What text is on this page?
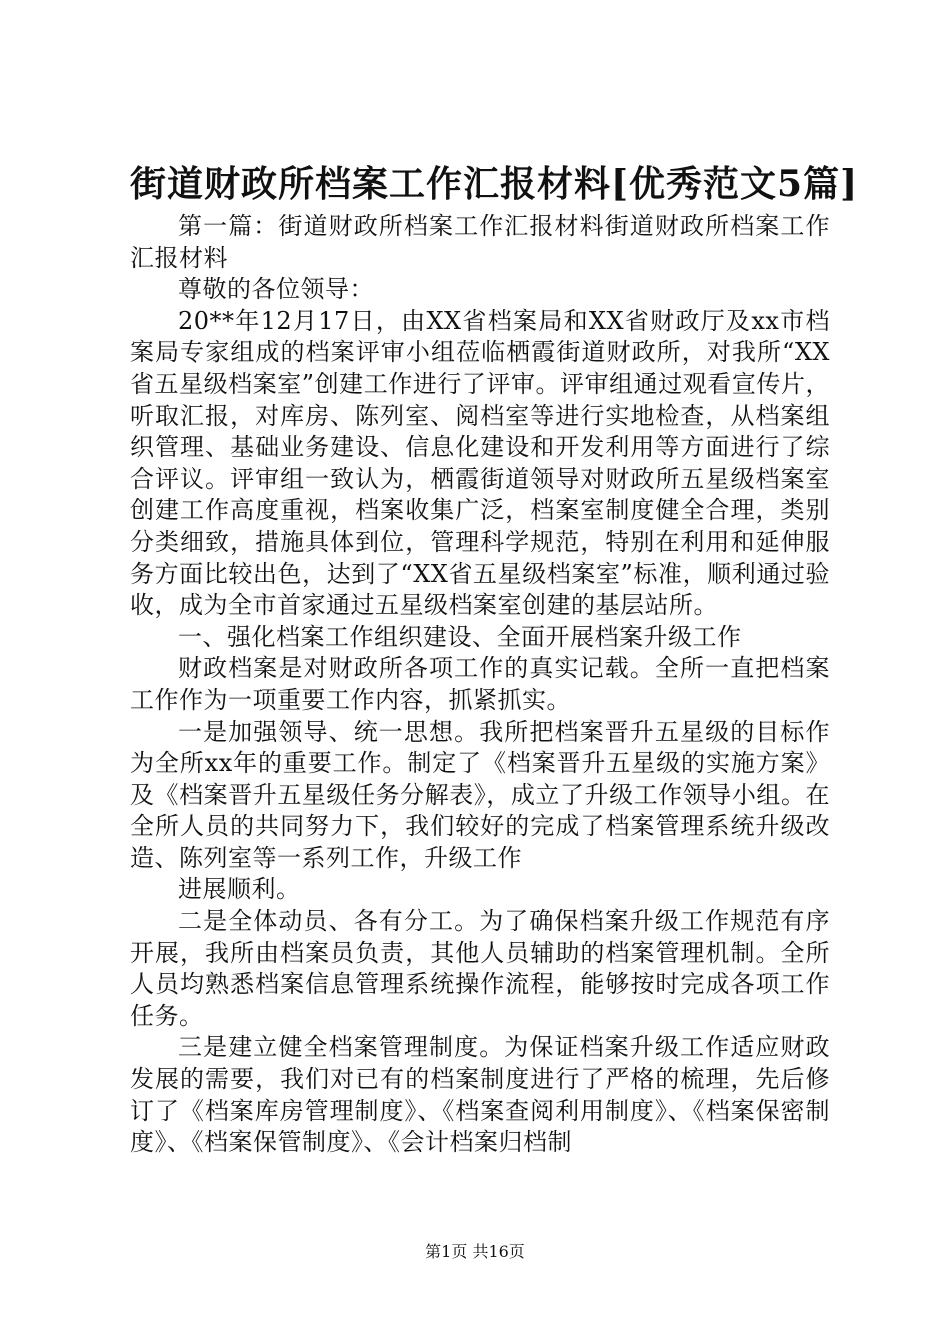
街道财政所档案工作汇报材料[优秀范文5篇]

第一篇：街道财政所档案工作汇报材料街道财政所档案工作汇报材料

尊敬的各位领导：

20**年12月17日，由XX省档案局和XX省财政厅及xx市档案局专家组成的档案评审小组莅临栖霞街道财政所，对我所“XX省五星级档案室”创建工作进行了评审。评审组通过观看宣传片，听取汇报，对库房、陈列室、阅档室等进行实地检查，从档案组织管理、基础业务建设、信息化建设和开发利用等方面进行了综合评议。评审组一致认为，栖霞街道领导对财政所五星级档案室创建工作高度重视，档案收集广泛，档案室制度健全合理，类别分类细致，措施具体到位，管理科学规范，特别在利用和延伸服务方面比较出色，达到了“XX省五星级档案室”标准，顺利通过验收，成为全市首家通过五星级档案室创建的基层站所。

一、强化档案工作组织建设、全面开展档案升级工作

财政档案是对财政所各项工作的真实记载。全所一直把档案工作作为一项重要工作内容，抓紧抓实。

一是加强领导、统一思想。我所把档案晋升五星级的目标作为全所xx年的重要工作。制定了《档案晋升五星级的实施方案》及《档案晋升五星级任务分解表》，成立了升级工作领导小组。在全所人员的共同努力下，我们较好的完成了档案管理系统升级改造、陈列室等一系列工作，升级工作

进展顺利。

二是全体动员、各有分工。为了确保档案升级工作规范有序开展，我所由档案员负责，其他人员辅助的档案管理机制。全所人员均熟悉档案信息管理系统操作流程，能够按时完成各项工作任务。

三是建立健全档案管理制度。为保证档案升级工作适应财政发展的需要，我们对已有的档案制度进行了严格的梳理，先后修订了《档案库房管理制度》、《档案查阅利用制度》、《档案保密制度》、《档案保管制度》、《会计档案归档制

第1页 共16页
